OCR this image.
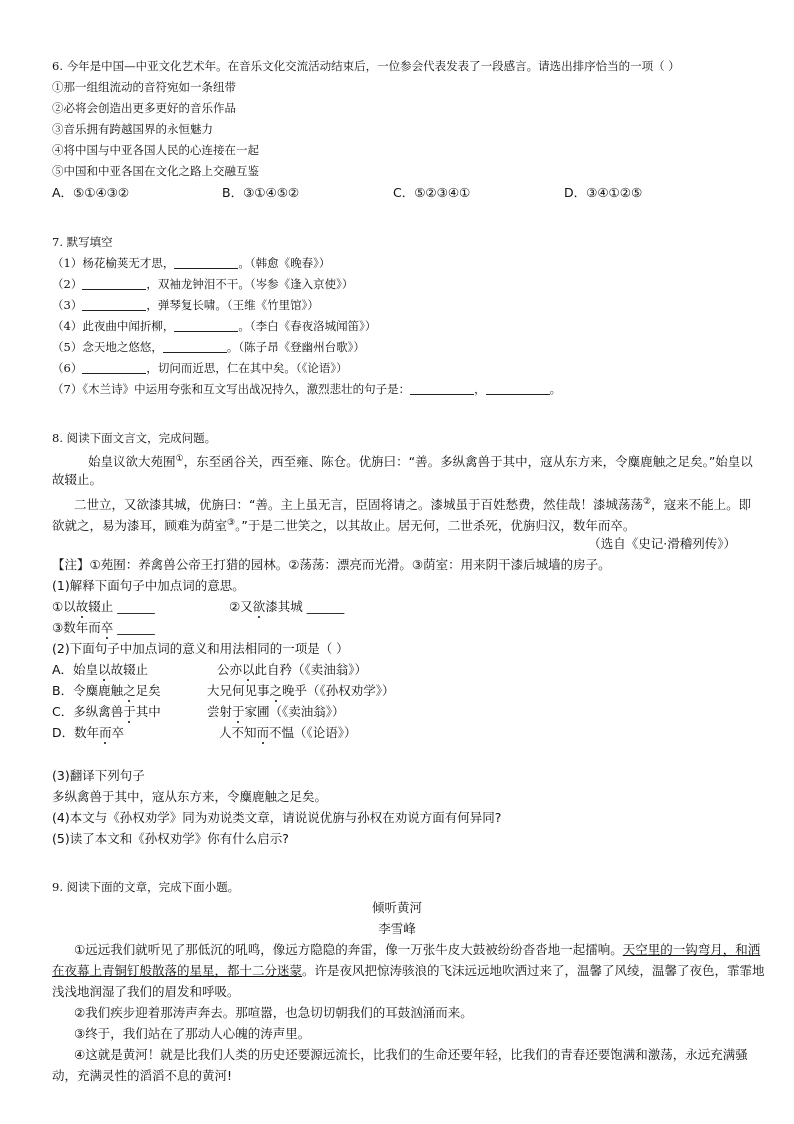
6. 今年是中国—中亚文化艺术年。在音乐文化交流活动结束后，一位参会代表发表了一段感言。请选出排序恰当的一项（ ）
①那一组组流动的音符宛如一条纽带
②必将会创造出更多更好的音乐作品
③音乐拥有跨越国界的永恒魅力
④将中国与中亚各国人民的心连接在一起
⑤中国和中亚各国在文化之路上交融互鉴
A．⑤①④③②	B．③①④⑤②	C．⑤②③④①	D．③④①②⑤
7. 默写填空
（1）杨花榆荚无才思，	。（韩愈《晚春》）
（2）	，双袖龙钟泪不干。（岑参《逢入京使》）
（3）	，弹琴复长啸。（王维《竹里馆》）
（4）此夜曲中闻折柳，	。（李白《春夜洛城闻笛》）
（5）念天地之悠悠，	。（陈子昂《登幽州台歌》）
（6）	，切问而近思，仁在其中矣。（《论语》）
（7）《木兰诗》中运用夸张和互文写出战况持久，激烈悲壮的句子是：	，	。
8. 阅读下面文言文，完成问题。
始皇议欲大苑囿①，东至函谷关，西至雍、陈仓。优旃曰：“善。多纵禽兽于其中，寇从东方来，令麋鹿触之足矣。”始皇以
故辍止。
二世立，又欲漆其城，优旃曰：“善。主上虽无言，臣固将请之。漆城虽于百姓愁费，然佳哉！漆城荡荡②，寇来不能上。即
欲就之，易为漆耳，顾难为荫室③。”于是二世笑之，以其故止。居无何，二世杀死，优旃归汉，数年而卒。
（选自《史记·滑稽列传》）
【注】①苑囿：养禽兽公帝王打猎的园林。②荡荡：漂亮而光滑。③荫室：用来阴干漆后城墙的房子。
(1)解释下面句子中加点词的意思。
①以故辍止 ______	②又欲漆其城 ______
③数年而卒 ______
(2)下面句子中加点词的意义和用法相同的一项是（ ）
A．始皇以故辍止	公亦以此自矜（《卖油翁》）
B．令麋鹿触之足矣	大兄何见事之晚乎（《孙权劝学》）
C．多纵禽兽于其中	尝射于家圃（《卖油翁》）
D．数年而卒	人不知而不愠（《论语》）
(3)翻译下列句子
多纵禽兽于其中，寇从东方来，令麋鹿触之足矣。
(4)本文与《孙权劝学》同为劝说类文章，请说说优旃与孙权在劝说方面有何异同?
(5)读了本文和《孙权劝学》你有什么启示?
9. 阅读下面的文章，完成下面小题。
倾听黄河
李雪峰
①远远我们就听见了那低沉的吼鸣，像远方隐隐的奔雷，像一万张牛皮大鼓被纷纷沓沓地一起擂响。天空里的一钩弯月，和洒
在夜幕上青铜钉般散落的星星，都十二分迷蒙。许是夜风把惊涛骇浪的飞沫远远地吹洒过来了，温馨了风绫，温馨了夜色，霏霏地
浅浅地润湿了我们的眉发和呼吸。
②我们疾步迎着那涛声奔去。那喧嚣，也急切切朝我们的耳鼓汹涌而来。
③终于，我们站在了那动人心魄的涛声里。
④这就是黄河！就是比我们人类的历史还要源远流长，比我们的生命还要年轻，比我们的青春还要饱满和激荡，永远充满骚
动，充满灵性的滔滔不息的黄河!
